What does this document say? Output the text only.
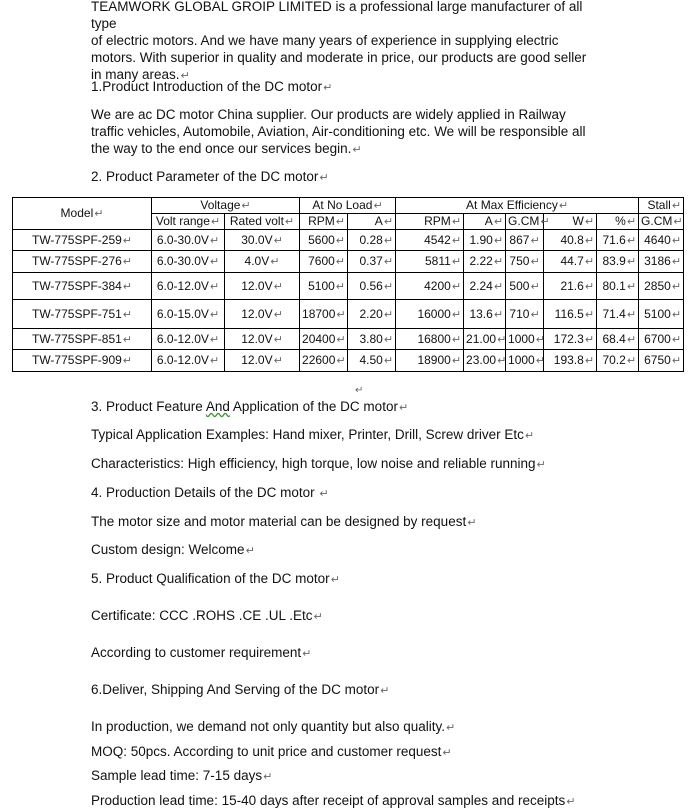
TEAMWORK GLOBAL GROIP LIMITED is a professional large manufacturer of all type
of electric motors. And we have many years of experience in supplying electric
motors. With superior in quality and moderate in price, our products are good seller
in many areas.↵
1.Product Introduction of the DC motor↵
We are ac DC motor China supplier. Our products are widely applied in Railway
traffic vehicles, Automobile, Aviation, Air-conditioning etc. We will be responsible all
the way to the end once our services begin.↵
2. Product Parameter of the DC motor↵
Model↵	Voltage↵		At No Load↵		At Max Efficiency↵					Stall↵
	Volt range↵	Rated volt↵	RPM↵	A↵	RPM↵	A↵	G.CM↵	W↵	%↵	G.CM↵
TW-775SPF-259↵	6.0-30.0V↵	30.0V↵	5600↵	0.28↵	4542↵	1.90↵	867↵	40.8↵	71.6↵	4640↵
TW-775SPF-276↵	6.0-30.0V↵	4.0V↵	7600↵	0.37↵	5811↵	2.22↵	750↵	44.7↵	83.9↵	3186↵
TW-775SPF-384↵	6.0-12.0V↵	12.0V↵	5100↵	0.56↵	4200↵	2.24↵	500↵	21.6↵	80.1↵	2850↵
TW-775SPF-751↵	6.0-15.0V↵	12.0V↵	18700↵	2.20↵	16000↵	13.6↵	710↵	116.5↵	71.4↵	5100↵
TW-775SPF-851↵	6.0-12.0V↵	12.0V↵	20400↵	3.80↵	16800↵	21.00↵	1000↵	172.3↵	68.4↵	6700↵
TW-775SPF-909↵	6.0-12.0V↵	12.0V↵	22600↵	4.50↵	18900↵	23.00↵	1000↵	193.8↵	70.2↵	6750↵
↵
3. Product Feature And Application of the DC motor↵
Typical Application Examples: Hand mixer, Printer, Drill, Screw driver Etc↵
Characteristics: High efficiency, high torque, low noise and reliable running↵
4. Production Details of the DC motor ↵
The motor size and motor material can be designed by request↵
Custom design: Welcome↵
5. Product Qualification of the DC motor↵
Certificate: CCC .ROHS .CE .UL .Etc↵
According to customer requirement↵
6.Deliver, Shipping And Serving of the DC motor↵
In production, we demand not only quantity but also quality.↵
MOQ: 50pcs. According to unit price and customer request↵
Sample lead time: 7-15 days↵
Production lead time: 15-40 days after receipt of approval samples and receipts↵
